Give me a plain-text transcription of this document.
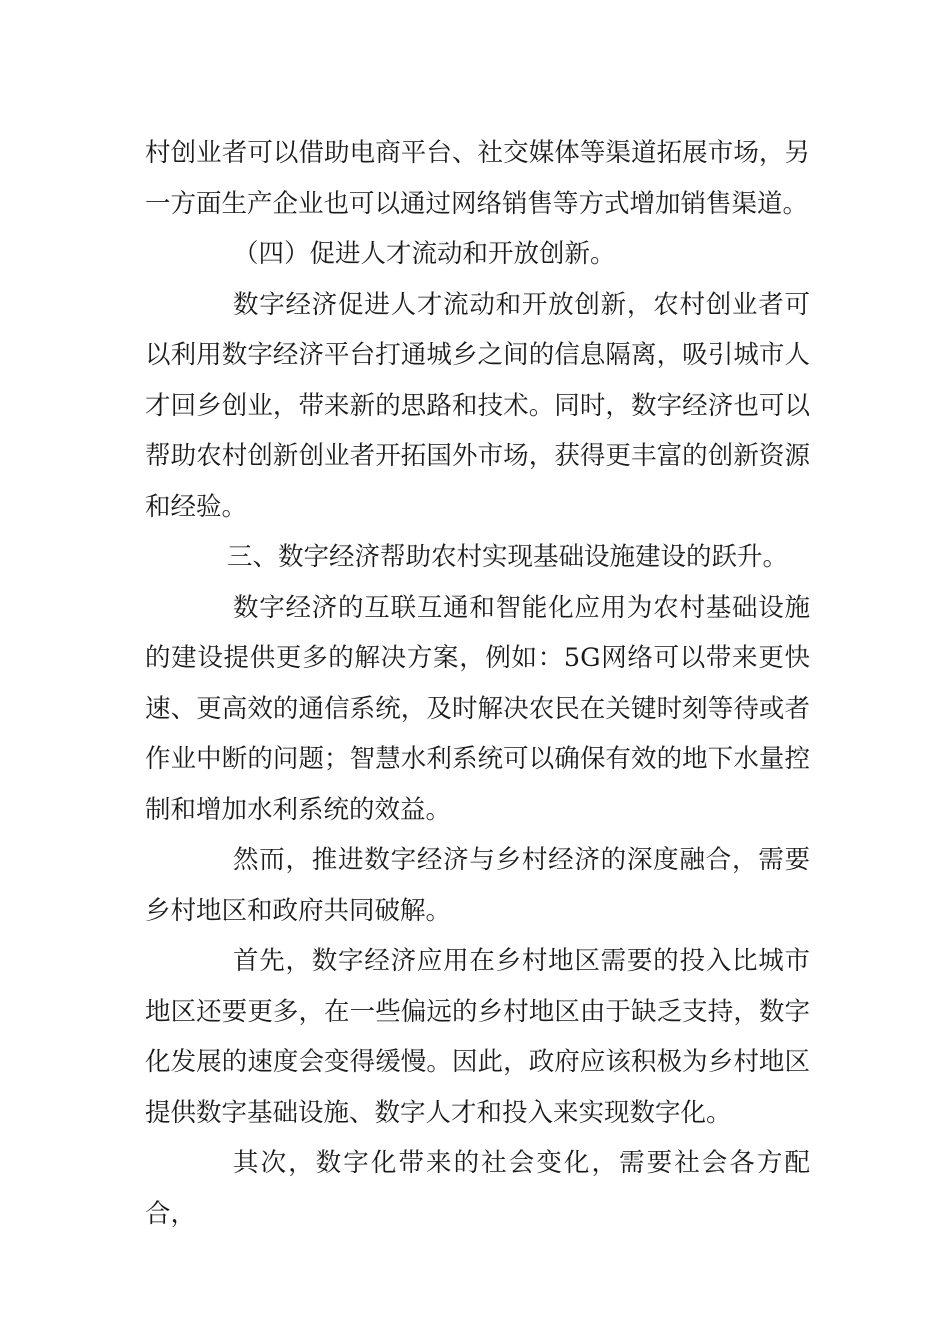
村创业者可以借助电商平台、社交媒体等渠道拓展市场，另一方面生产企业也可以通过网络销售等方式增加销售渠道。

（四）促进人才流动和开放创新。

数字经济促进人才流动和开放创新，农村创业者可以利用数字经济平台打通城乡之间的信息隔离，吸引城市人才回乡创业，带来新的思路和技术。同时，数字经济也可以帮助农村创新创业者开拓国外市场，获得更丰富的创新资源和经验。

三、数字经济帮助农村实现基础设施建设的跃升。

数字经济的互联互通和智能化应用为农村基础设施的建设提供更多的解决方案，例如：5G网络可以带来更快速、更高效的通信系统，及时解决农民在关键时刻等待或者作业中断的问题；智慧水利系统可以确保有效的地下水量控制和增加水利系统的效益。

然而，推进数字经济与乡村经济的深度融合，需要乡村地区和政府共同破解。

首先，数字经济应用在乡村地区需要的投入比城市地区还要更多，在一些偏远的乡村地区由于缺乏支持，数字化发展的速度会变得缓慢。因此，政府应该积极为乡村地区提供数字基础设施、数字人才和投入来实现数字化。

其次，数字化带来的社会变化，需要社会各方配合，
